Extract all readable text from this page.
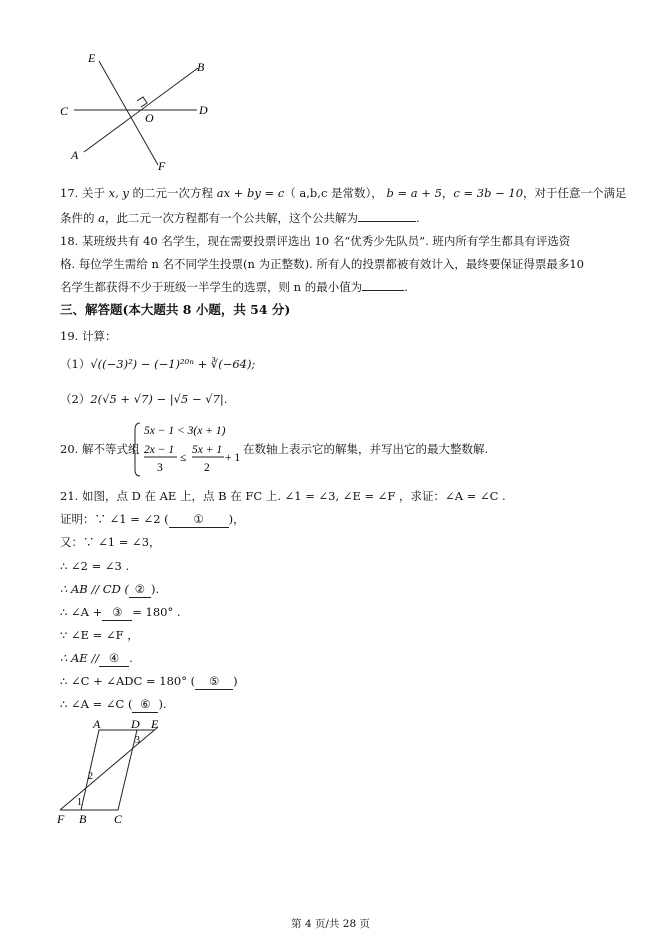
E
B
C	O
D
A
F
17. 关于 x, y 的二元一次方程 ax + by = c（ a,b,c 是常数）， b = a + 5，c = 3b − 10，对于任意一个满足
条件的 a，此二元一次方程都有一个公共解，这个公共解为	.
18. 某班级共有 40 名学生，现在需要投票评选出 10 名“优秀少先队员”. 班内所有学生都具有评选资
格. 每位学生需给 n 名不同学生投票(n 为正整数). 所有人的投票都被有效计入，最终要保证得票最多10
名学生都获得不少于班级一半学生的选票，则 n 的最小值为	.
三、解答题(本大题共 8 小题，共 54 分)
19. 计算：
（1）√((−3)²) − (−1)²⁰ⁿ + ∛(−64);
（2）2(√5 + √7) − |√5 − √7|.
20. 解不等式组
5x − 1 < 3(x + 1)
2x − 1
3
≤
5x + 1
2
+ 1
在数轴上表示它的解集，并写出它的最大整数解.
21. 如图，点 D 在 AE 上，点 B 在 FC 上. ∠1 = ∠3, ∠E = ∠F ，求证：∠A = ∠C .
证明：∵ ∠1 = ∠2 ( ① )，
又：∵ ∠1 = ∠3，
∴ ∠2 = ∠3 .
∴ AB // CD ( ② ).
∴ ∠A + ③ = 180° .
∵ ∠E = ∠F ，
∴ AE // ④ .
∴ ∠C + ∠ADC = 180° ( ⑤ )
∴ ∠A = ∠C ( ⑥ ).
A	D E
3
2
1
F B C
第 4 页/共 28 页
